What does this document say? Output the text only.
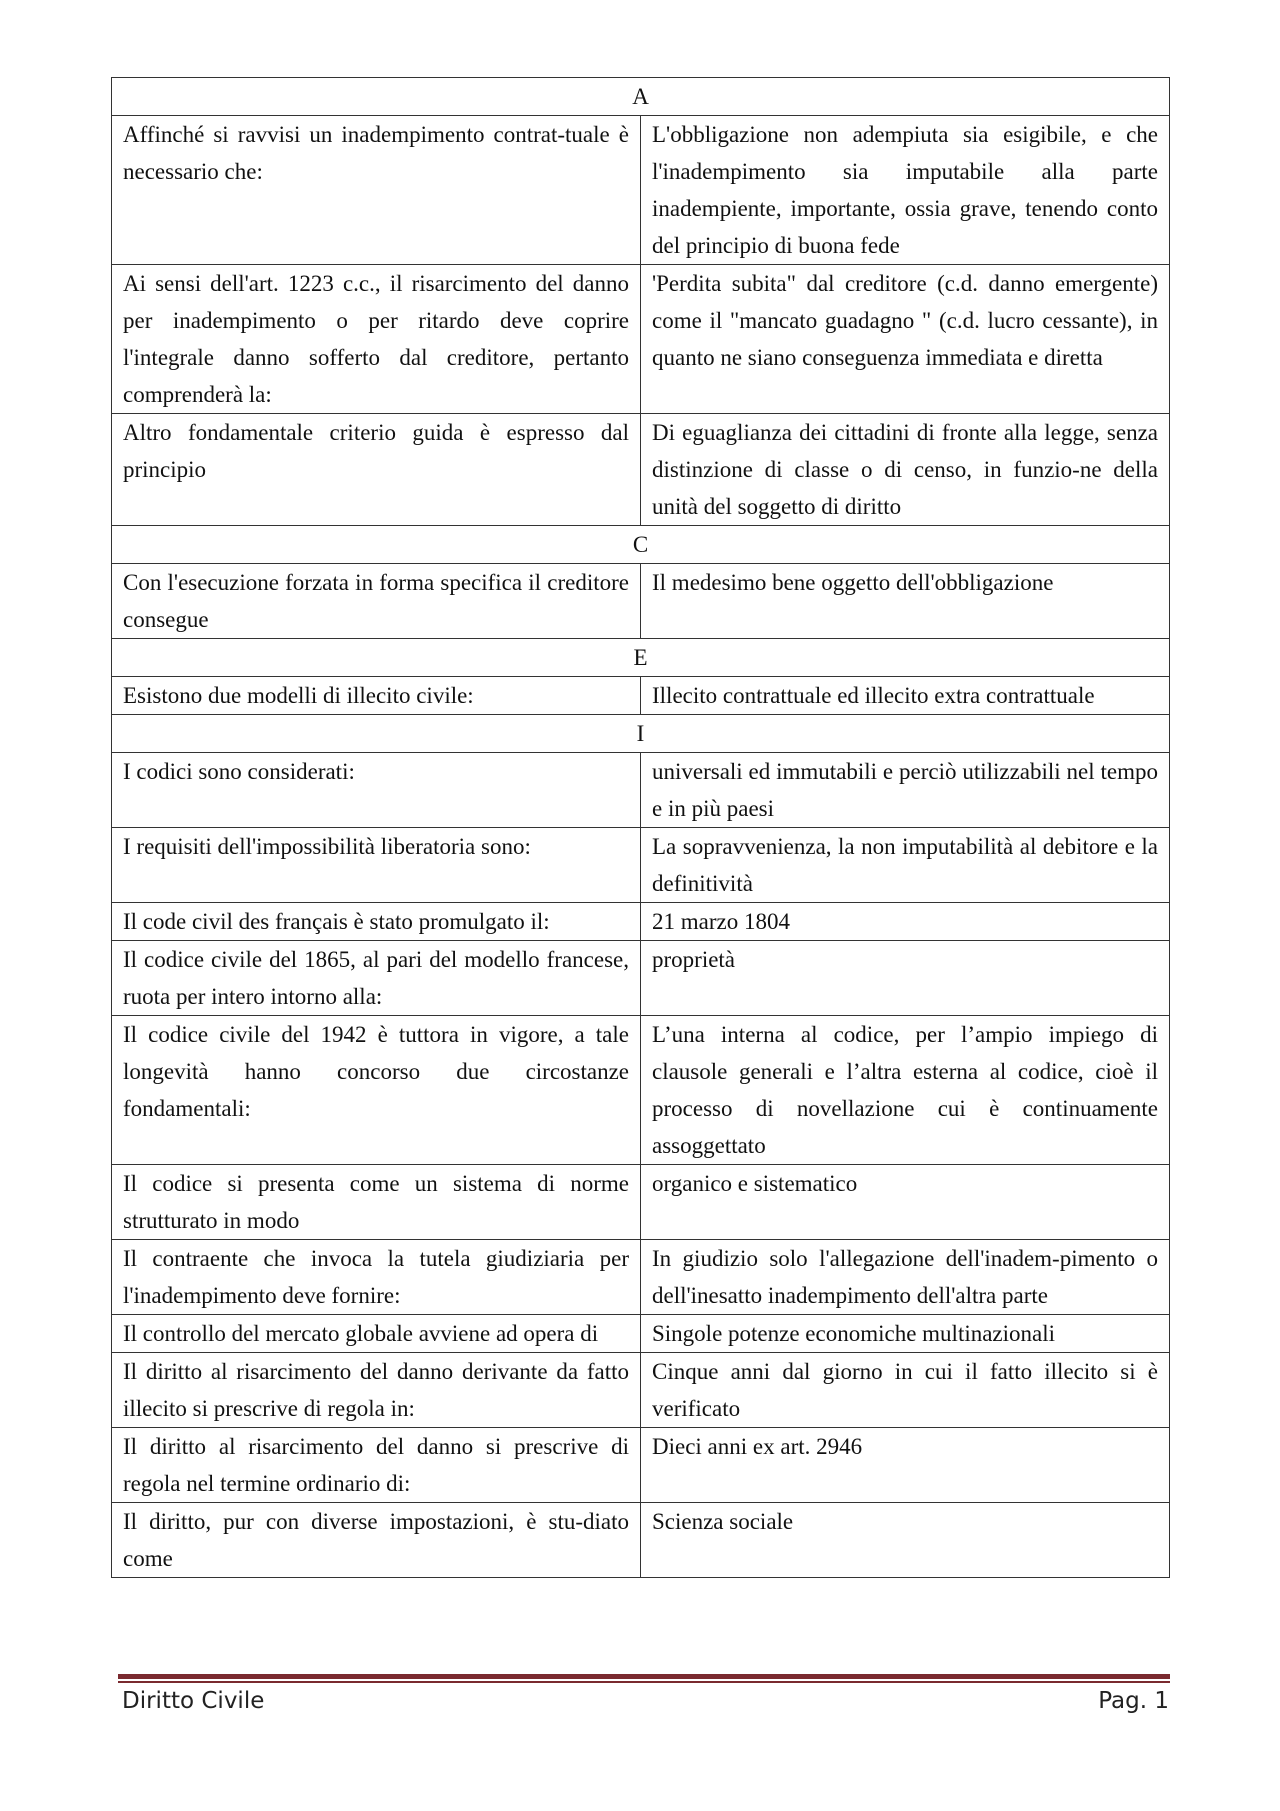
A	
Affinché si ravvisi un inadempimento contrat-tuale è necessario che:	L'obbligazione non adempiuta sia esigibile, e che l'inadempimento sia imputabile alla parte inadempiente, importante, ossia grave, tenendo conto del principio di buona fede
Ai sensi dell'art. 1223 c.c., il risarcimento del danno per inadempimento o per ritardo deve coprire l'integrale danno sofferto dal creditore, pertanto comprenderà la:	'Perdita subita" dal creditore (c.d. danno emergente) come il "mancato guadagno " (c.d. lucro cessante), in quanto ne siano conseguenza immediata e diretta
Altro fondamentale criterio guida è espresso dal principio	Di eguaglianza dei cittadini di fronte alla legge, senza distinzione di classe o di censo, in funzio-ne della unità del soggetto di diritto
C	
Con l'esecuzione forzata in forma specifica il creditore consegue	Il medesimo bene oggetto dell'obbligazione
E	
Esistono due modelli di illecito civile:	Illecito contrattuale ed illecito extra contrattuale
I	
I codici sono considerati:	universali ed immutabili e perciò utilizzabili nel tempo e in più paesi
I requisiti dell'impossibilità liberatoria sono:	La sopravvenienza, la non imputabilità al debitore e la definitività
Il code civil des français è stato promulgato il:	21 marzo 1804
Il codice civile del 1865, al pari del modello francese, ruota per intero intorno alla:	proprietà
Il codice civile del 1942 è tuttora in vigore, a tale longevità hanno concorso due circostanze fondamentali:	L’una interna al codice, per l’ampio impiego di clausole generali e l’altra esterna al codice, cioè il processo di novellazione cui è continuamente assoggettato
Il codice si presenta come un sistema di norme strutturato in modo	organico e sistematico
Il contraente che invoca la tutela giudiziaria per l'inadempimento deve fornire:	In giudizio solo l'allegazione dell'inadem-pimento o dell'inesatto inadempimento dell'altra parte
Il controllo del mercato globale avviene ad opera di	Singole potenze economiche multinazionali
Il diritto al risarcimento del danno derivante da fatto illecito si prescrive di regola in:	Cinque anni dal giorno in cui il fatto illecito si è verificato
Il diritto al risarcimento del danno si prescrive di regola nel termine ordinario di:	Dieci anni ex art. 2946
Il diritto, pur con diverse impostazioni, è stu-diato come	Scienza sociale
Diritto Civile	Pag. 1
